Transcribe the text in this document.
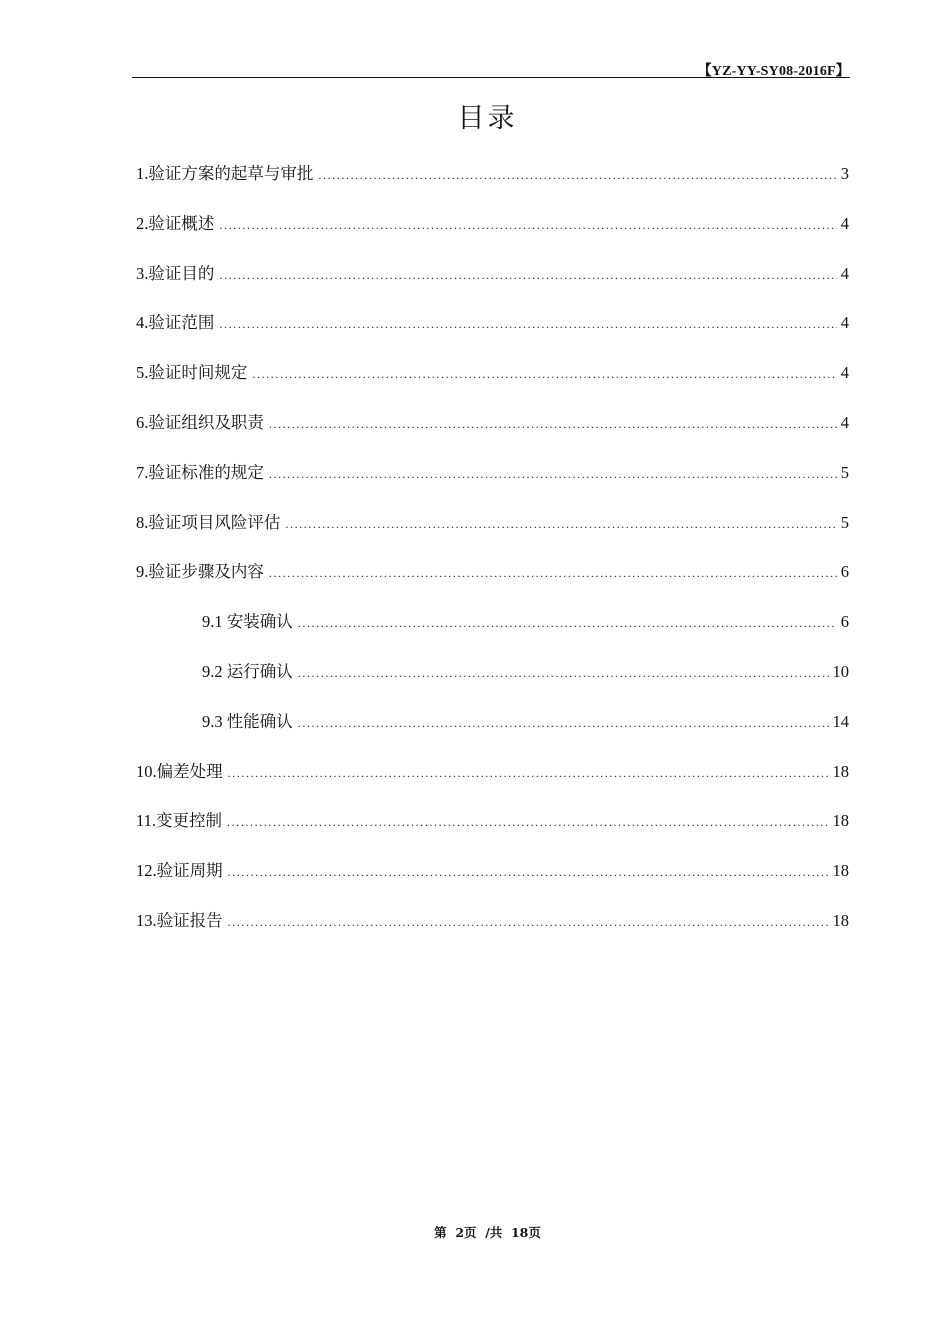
【YZ-YY-SY08-2016F】
目录
1.验证方案的起草与审批 .....	3
2.验证概述 .....	4
3.验证目的 .....	4
4.验证范围 .....	4
5.验证时间规定 .....	4
6.验证组织及职责 .....	4
7.验证标准的规定 .....	5
8.验证项目风险评估 .....	5
9.验证步骤及内容 .....	6
9.1 安装确认 .....	6
9.2 运行确认 .....	10
9.3 性能确认 .....	14
10.偏差处理 .....	18
11.变更控制 .....	18
12.验证周期 .....	18
13.验证报告 .....	18
第  2页  /共  18页
